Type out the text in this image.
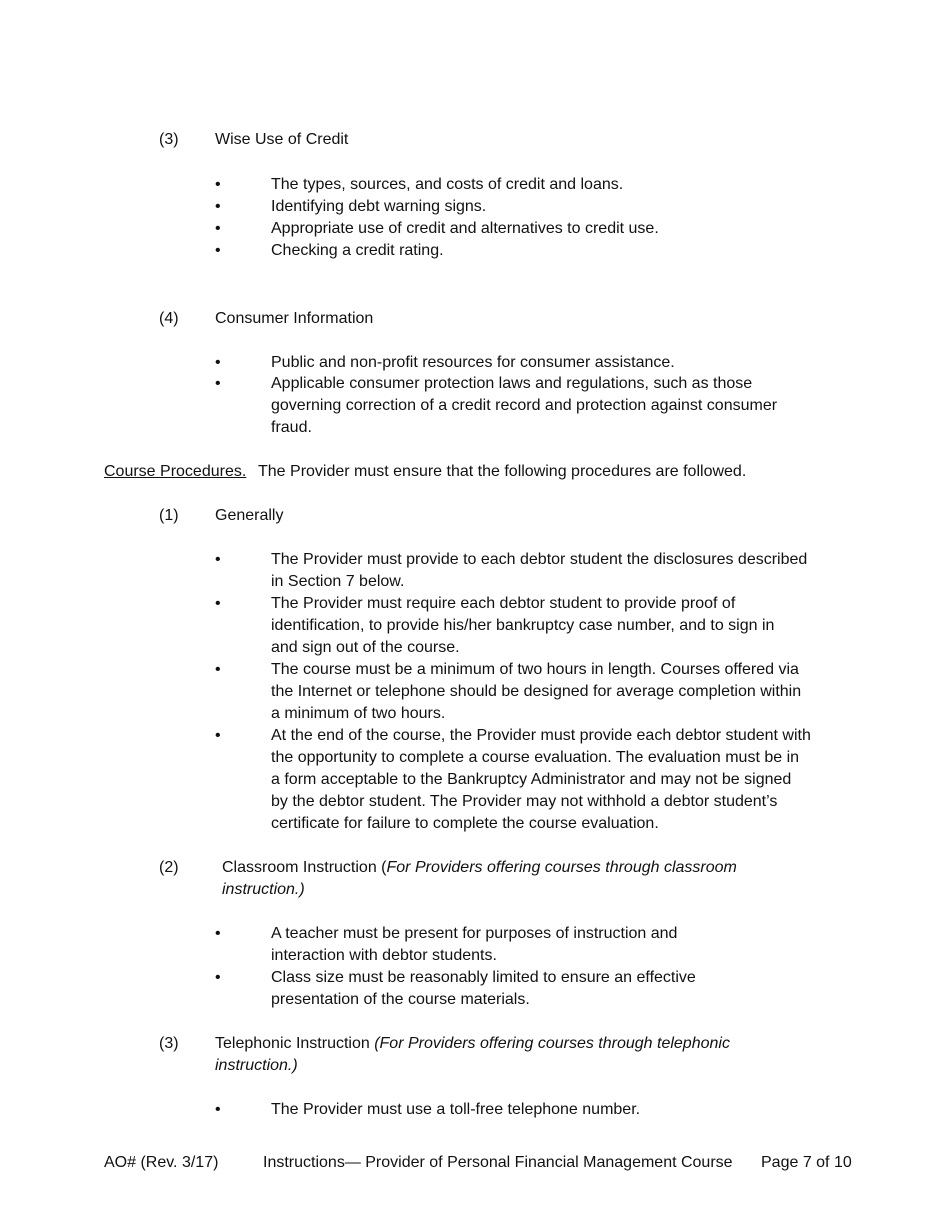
(3) Wise Use of Credit
•	The types, sources, and costs of credit and loans.
•	Identifying debt warning signs.
•	Appropriate use of credit and alternatives to credit use.
•	Checking a credit rating.
(4) Consumer Information
•	Public and non-profit resources for consumer assistance.
•	Applicable consumer protection laws and regulations, such as those
governing correction of a credit record and protection against consumer
fraud.
Course Procedures. The Provider must ensure that the following procedures are followed.
(1) Generally
•	The Provider must provide to each debtor student the disclosures described
in Section 7 below.
•	The Provider must require each debtor student to provide proof of
identification, to provide his/her bankruptcy case number, and to sign in
and sign out of the course.
•	The course must be a minimum of two hours in length. Courses offered via
the Internet or telephone should be designed for average completion within
a minimum of two hours.
•	At the end of the course, the Provider must provide each debtor student with
the opportunity to complete a course evaluation. The evaluation must be in
a form acceptable to the Bankruptcy Administrator and may not be signed
by the debtor student. The Provider may not withhold a debtor student’s
certificate for failure to complete the course evaluation.
(2)	Classroom Instruction (For Providers offering courses through classroom
instruction.)
•	A teacher must be present for purposes of instruction and
interaction with debtor students.
•	Class size must be reasonably limited to ensure an effective
presentation of the course materials.
(3) Telephonic Instruction (For Providers offering courses through telephonic
instruction.)
•	The Provider must use a toll-free telephone number.
AO# (Rev. 3/17)	Instructions— Provider of Personal Financial Management Course Page 7 of 10
